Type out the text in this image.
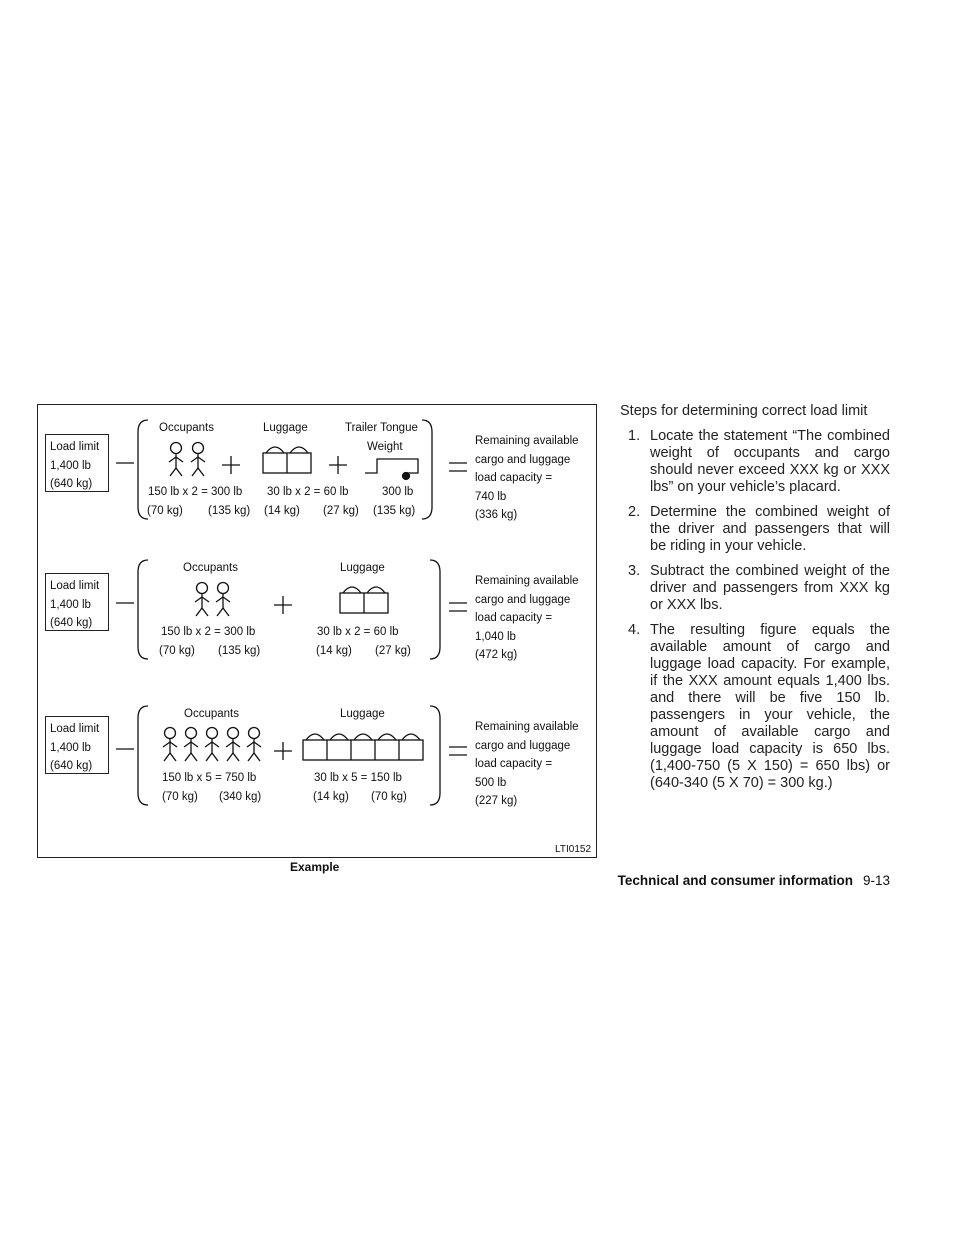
Load limit
1,400 lb
(640 kg)
Occupants	Luggage	Trailer Tongue
Weight
150 lb x 2 = 300 lb 30 lb x 2 = 60 lb	300 lb
(70 kg) (135 kg) (14 kg) (27 kg) (135 kg)
Remaining available
cargo and luggage
load capacity =
740 lb
(336 kg)
Load limit
1,400 lb
(640 kg)
Occupants	Luggage
150 lb x 2 = 300 lb	30 lb x 2 = 60 lb
(70 kg) (135 kg)	(14 kg) (27 kg)
Remaining available
cargo and luggage
load capacity =
1,040 lb
(472 kg)
Load limit
1,400 lb
(640 kg)
Occupants	Luggage
150 lb x 5 = 750 lb	30 lb x 5 = 150 lb
(70 kg) (340 kg)	(14 kg) (70 kg)
Remaining available
cargo and luggage
load capacity =
500 lb
(227 kg)
LTI0152
Example
Steps for determining correct load limit
1. Locate the statement “The combined weight of occupants and cargo should never exceed XXX kg or XXX lbs” on your vehicle’s placard.
2. Determine the combined weight of the driver and passengers that will be riding in your vehicle.
3. Subtract the combined weight of the driver and passengers from XXX kg or XXX lbs.
4. The resulting figure equals the available amount of cargo and luggage load capacity. For example, if the XXX amount equals 1,400 lbs. and there will be five 150 lb. passengers in your vehicle, the amount of available cargo and luggage load capacity is 650 lbs. (1,400-750 (5 X 150) = 650 lbs) or (640-340 (5 X 70) = 300 kg.)
Technical and consumer information 9-13
